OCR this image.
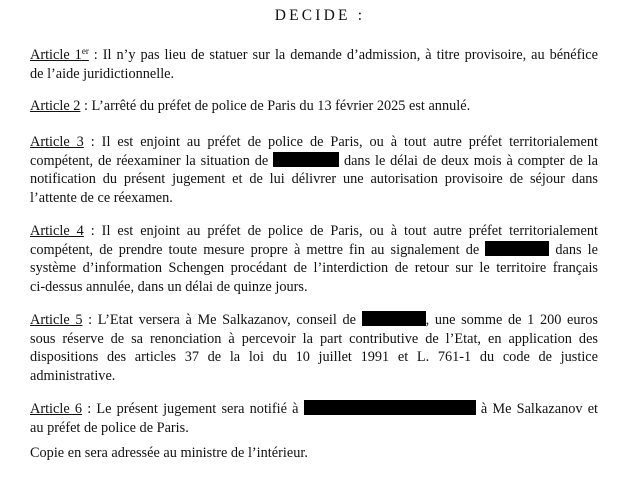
DECIDE :
Article 1er : Il n’y pas lieu de statuer sur la demande d’admission, à titre provisoire, au bénéfice
de l’aide juridictionnelle.
Article 2 : L’arrêté du préfet de police de Paris du 13 février 2025 est annulé.
Article 3 : Il est enjoint au préfet de police de Paris, ou à tout autre préfet territorialement
compétent, de réexaminer la situation de	dans le délai de deux mois à compter de la
notification du présent jugement et de lui délivrer une autorisation provisoire de séjour dans
l’attente de ce réexamen.
Article 4 : Il est enjoint au préfet de police de Paris, ou à tout autre préfet territorialement
compétent, de prendre toute mesure propre à mettre fin au signalement de	dans le
système d’information Schengen procédant de l’interdiction de retour sur le territoire français
ci-dessus annulée, dans un délai de quinze jours.
Article 5 : L’Etat versera à Me Salkazanov, conseil de	, une somme de 1 200 euros
sous réserve de sa renonciation à percevoir la part contributive de l’Etat, en application des
dispositions des articles 37 de la loi du 10 juillet 1991 et L. 761-1 du code de justice
administrative.
Article 6 : Le présent jugement sera notifié à	à Me Salkazanov et
au préfet de police de Paris.
Copie en sera adressée au ministre de l’intérieur.
